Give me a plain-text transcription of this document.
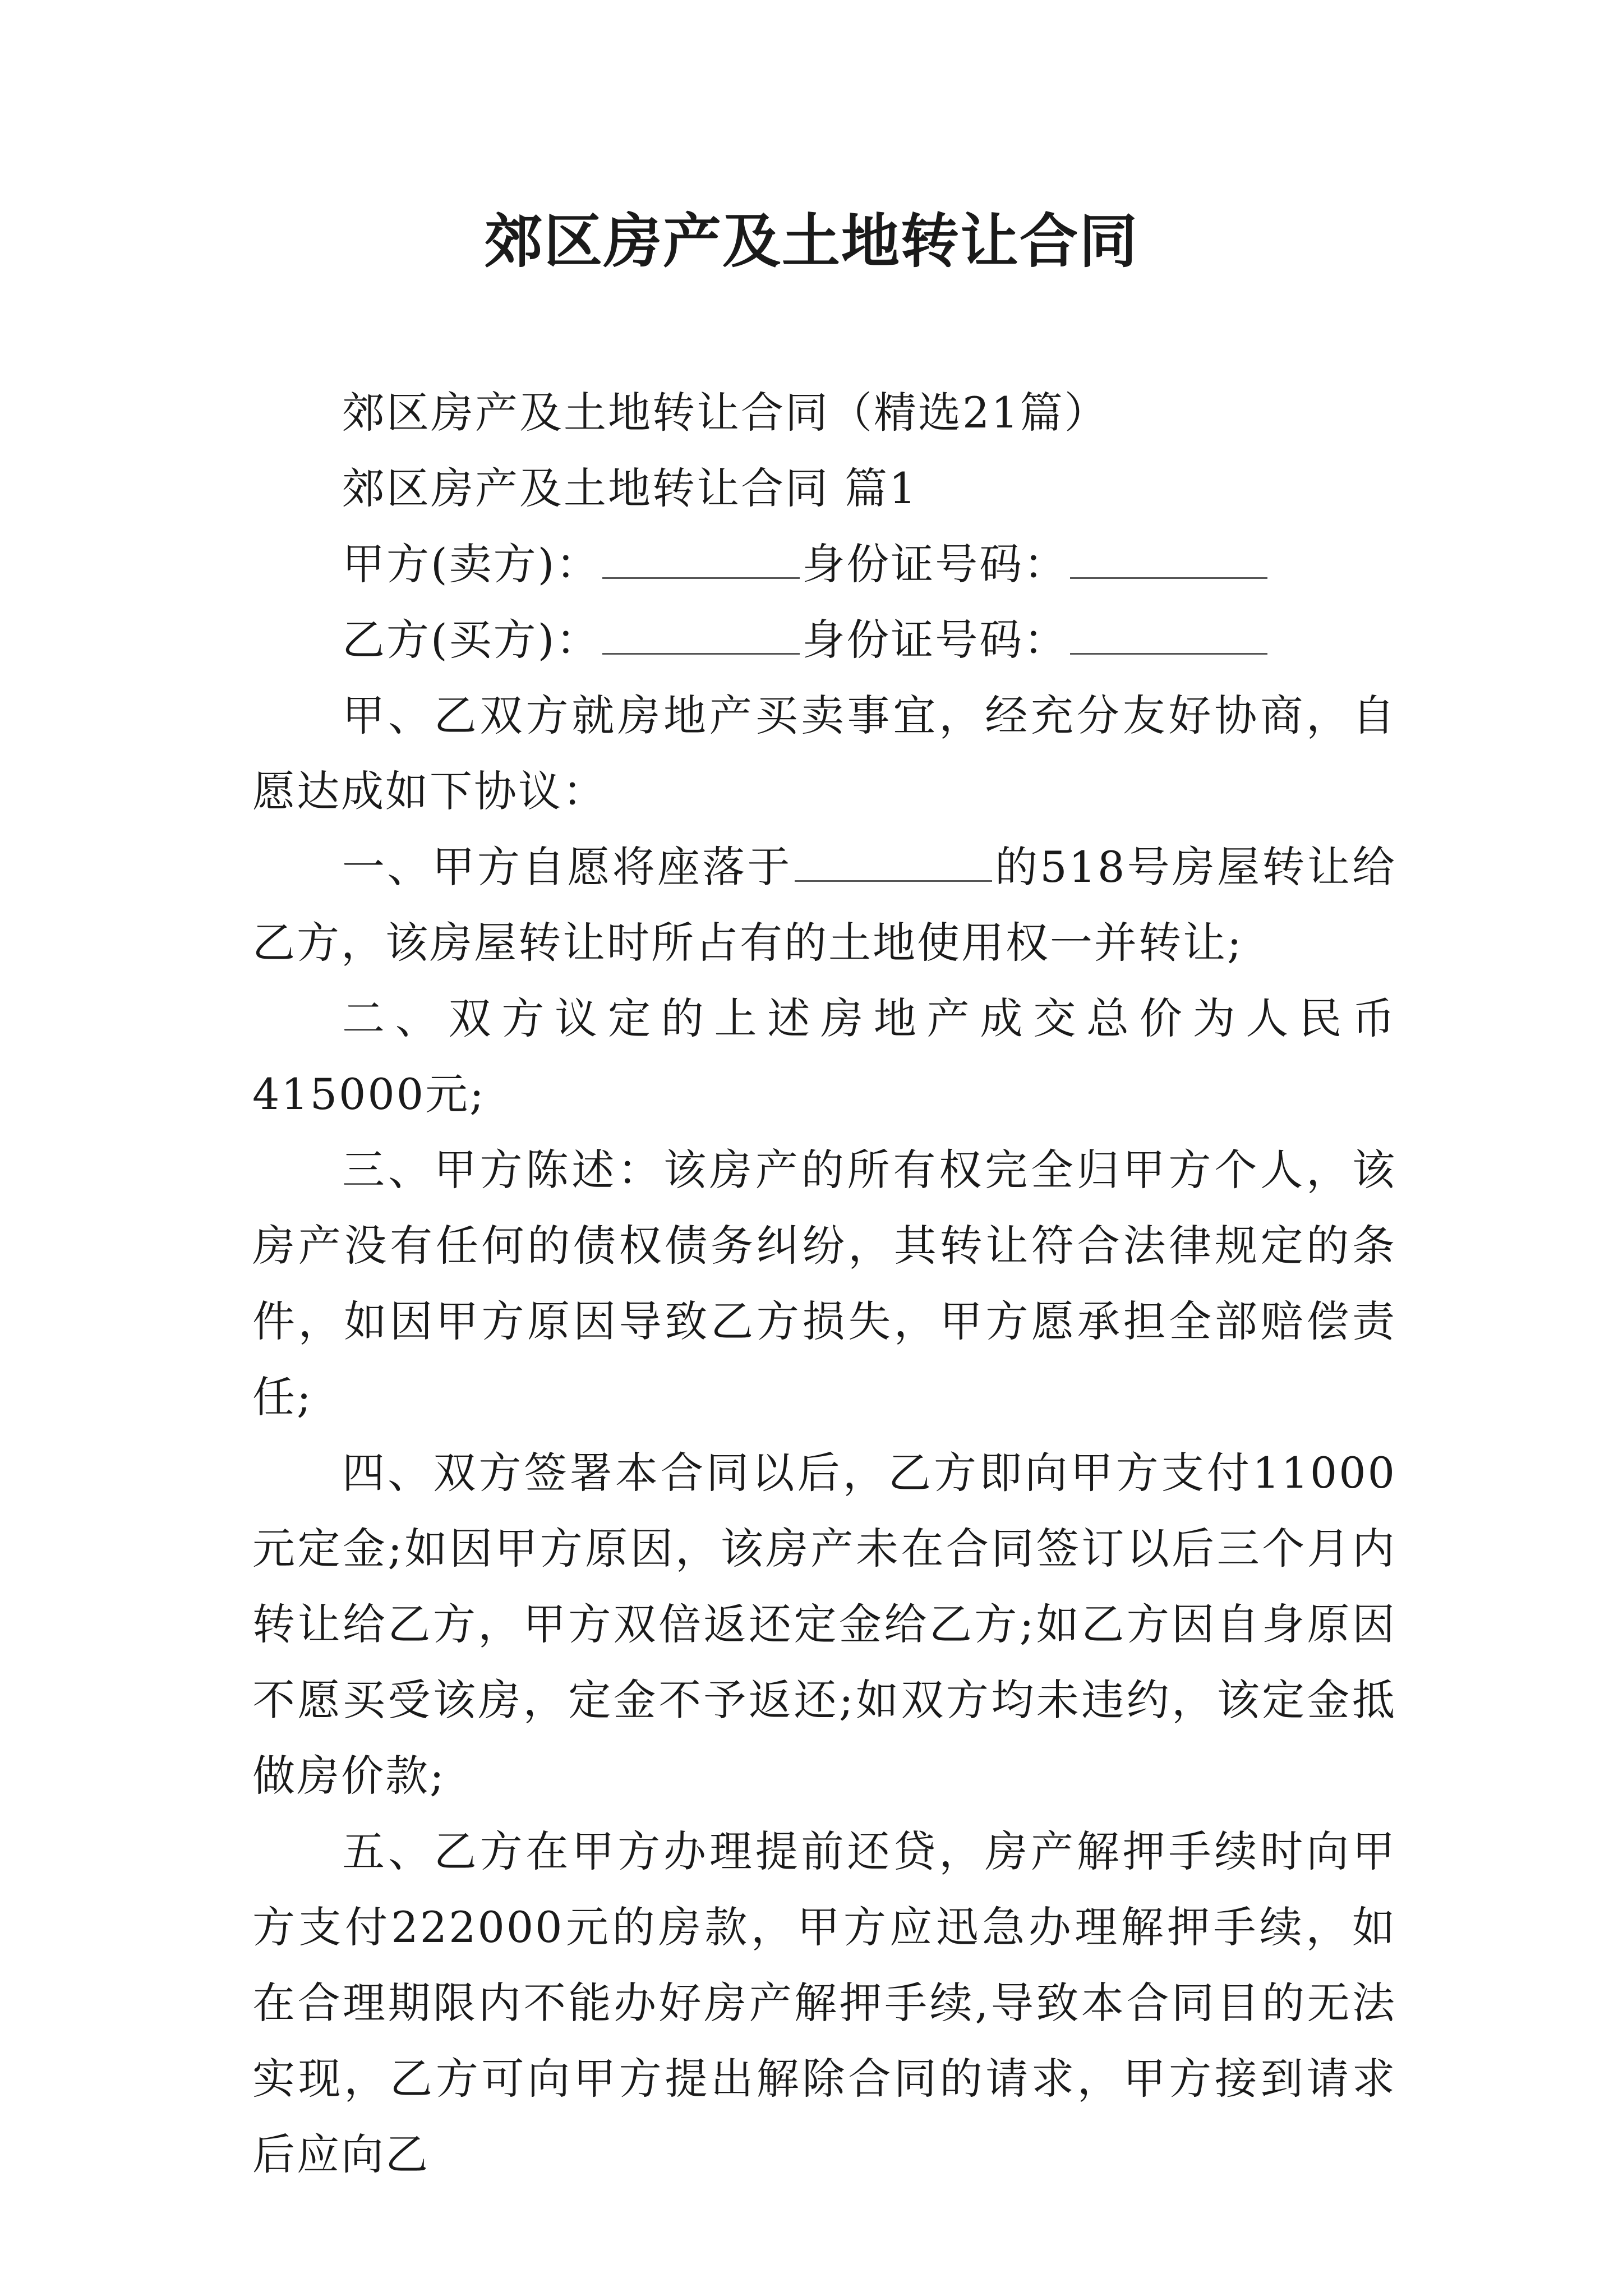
郊区房产及土地转让合同

郊区房产及土地转让合同（精选21篇）

郊区房产及土地转让合同 篇1

甲方(卖方)：	身份证号码：

乙方(买方)：	身份证号码：

甲、乙双方就房地产买卖事宜，经充分友好协商，自愿达成如下协议：

一、甲方自愿将座落于	的518号房屋转让给乙方，该房屋转让时所占有的土地使用权一并转让;

二、双方议定的上述房地产成交总价为人民币415000元;

三、甲方陈述：该房产的所有权完全归甲方个人，该房产没有任何的债权债务纠纷，其转让符合法律规定的条件，如因甲方原因导致乙方损失，甲方愿承担全部赔偿责任;

四、双方签署本合同以后，乙方即向甲方支付11000元定金;如因甲方原因，该房产未在合同签订以后三个月内转让给乙方，甲方双倍返还定金给乙方;如乙方因自身原因不愿买受该房，定金不予返还;如双方均未违约，该定金抵做房价款;

五、乙方在甲方办理提前还贷，房产解押手续时向甲方支付222000元的房款，甲方应迅急办理解押手续，如在合理期限内不能办好房产解押手续,导致本合同目的无法实现，乙方可向甲方提出解除合同的请求，甲方接到请求后应向乙
